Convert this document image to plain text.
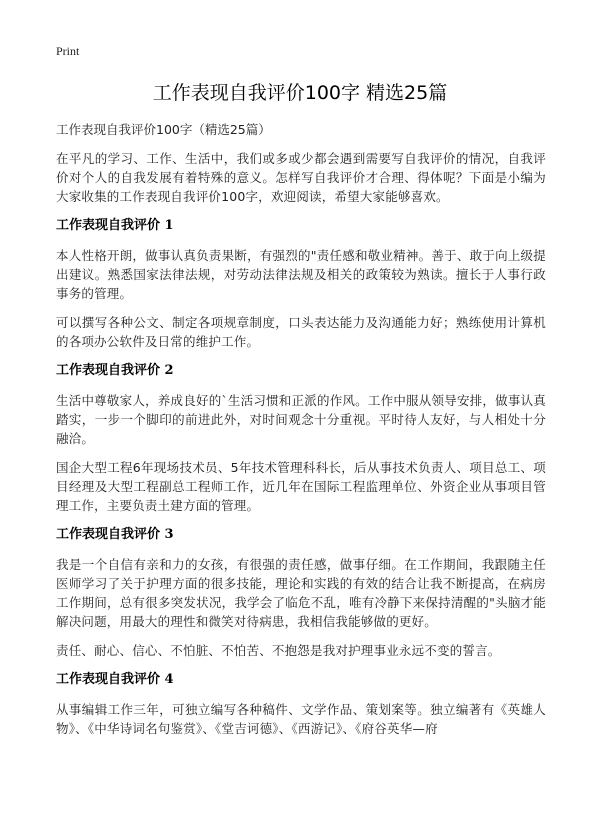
Print
工作表现自我评价100字 精选25篇

工作表现自我评价100字（精选25篇）

在平凡的学习、工作、生活中，我们或多或少都会遇到需要写自我评价的情况，自我评价对个人的自我发展有着特殊的意义。怎样写自我评价才合理、得体呢？下面是小编为大家收集的工作表现自我评价100字，欢迎阅读，希望大家能够喜欢。

工作表现自我评价 1

本人性格开朗，做事认真负责果断，有强烈的"责任感和敬业精神。善于、敢于向上级提出建议。熟悉国家法律法规，对劳动法律法规及相关的政策较为熟读。擅长于人事行政事务的管理。

可以撰写各种公文、制定各项规章制度，口头表达能力及沟通能力好；熟练使用计算机的各项办公软件及日常的维护工作。

工作表现自我评价 2

生活中尊敬家人，养成良好的`生活习惯和正派的作风。工作中服从领导安排，做事认真踏实，一步一个脚印的前进此外，对时间观念十分重视。平时待人友好，与人相处十分融洽。

国企大型工程6年现场技术员、5年技术管理科科长，后从事技术负责人、项目总工、项目经理及大型工程副总工程师工作，近几年在国际工程监理单位、外资企业从事项目管理工作，主要负责土建方面的管理。

工作表现自我评价 3

我是一个自信有亲和力的女孩，有很强的责任感，做事仔细。在工作期间，我跟随主任医师学习了关于护理方面的很多技能，理论和实践的有效的结合让我不断提高，在病房工作期间，总有很多突发状况，我学会了临危不乱，唯有冷静下来保持清醒的"头脑才能解决问题，用最大的理性和微笑对待病患，我相信我能够做的更好。

责任、耐心、信心、不怕脏、不怕苦、不抱怨是我对护理事业永远不变的誓言。

工作表现自我评价 4

从事编辑工作三年，可独立编写各种稿件、文学作品、策划案等。独立编著有《英雄人物》、《中华诗词名句鉴赏》、《堂吉诃德》、《西游记》、《府谷英华—府
